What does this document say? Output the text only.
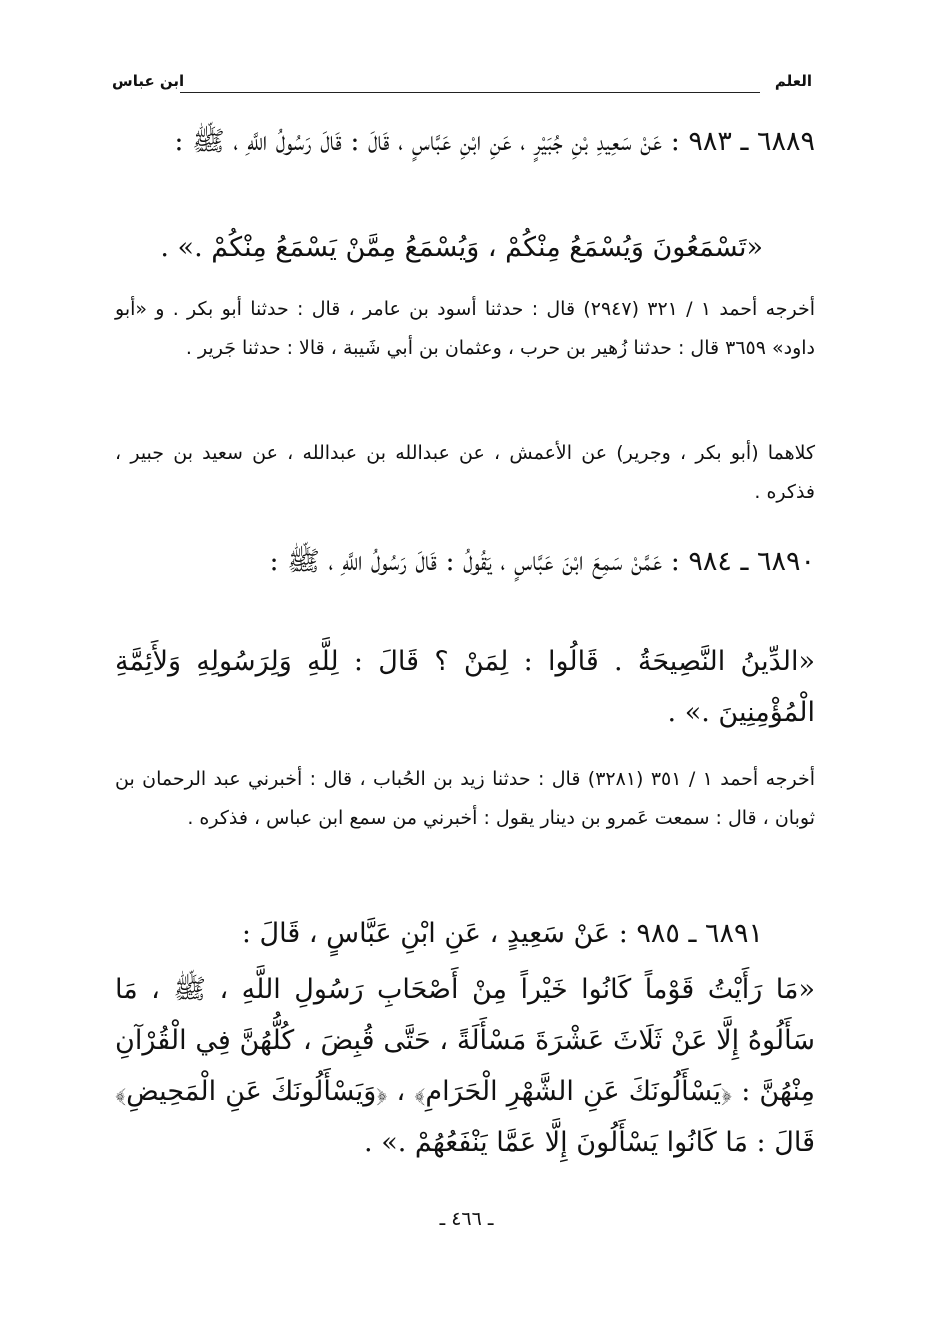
العلم
ابن عباس
٦٨٨٩ ـ ٩٨٣ : عَنْ سَعِيدِ بْنِ جُبَيْرٍ ، عَنِ ابْنِ عَبَّاسٍ ، قَالَ : قَالَ رَسُولُ اللَّهِ ، ﷺ :
«تَسْمَعُونَ وَيُسْمَعُ مِنْكُمْ ، وَيُسْمَعُ مِمَّنْ يَسْمَعُ مِنْكُمْ .» .
أخرجه أحمد ١ / ٣٢١ (٢٩٤٧) قال : حدثنا أسود بن عامر ، قال : حدثنا أبو بكر . و «أبو داود» ٣٦٥٩ قال : حدثنا زُهير بن حرب ، وعثمان بن أبي شَيبة ، قالا : حدثنا جَرير .
كلاهما (أبو بكر ، وجرير) عن الأعمش ، عن عبدالله بن عبدالله ، عن سعيد بن جبير ، فذكره .
٦٨٩٠ ـ ٩٨٤ : عَمَّنْ سَمِعَ ابْنَ عَبَّاسٍ ، يَقُولُ : قَالَ رَسُولُ اللَّهِ ، ﷺ :
«الدِّينُ النَّصِيحَةُ . قَالُوا : لِمَنْ ؟ قَالَ : لِلَّهِ وَلِرَسُولِهِ وَلأَئِمَّةِ الْمُؤْمِنِينَ .» .
أخرجه أحمد ١ / ٣٥١ (٣٢٨١) قال : حدثنا زيد بن الحُباب ، قال : أخبرني عبد الرحمان بن ثوبان ، قال : سمعت عَمرو بن دينار يقول : أخبرني من سمع ابن عباس ، فذكره .
٦٨٩١ ـ ٩٨٥ : عَنْ سَعِيدٍ ، عَنِ ابْنِ عَبَّاسٍ ، قَالَ :
«مَا رَأَيْتُ قَوْماً كَانُوا خَيْراً مِنْ أَصْحَابِ رَسُولِ اللَّهِ ، ﷺ ، مَا سَأَلُوهُ إِلَّا عَنْ ثَلَاثَ عَشْرَةَ مَسْأَلَةً ، حَتَّى قُبِضَ ، كُلُّهُنَّ فِي الْقُرْآنِ مِنْهُنَّ : ﴿يَسْأَلُونَكَ عَنِ الشَّهْرِ الْحَرَامِ﴾ ، ﴿وَيَسْأَلُونَكَ عَنِ الْمَحِيضِ﴾ قَالَ : مَا كَانُوا يَسْأَلُونَ إِلَّا عَمَّا يَنْفَعُهُمْ .» .
ـ ٤٦٦ ـ
